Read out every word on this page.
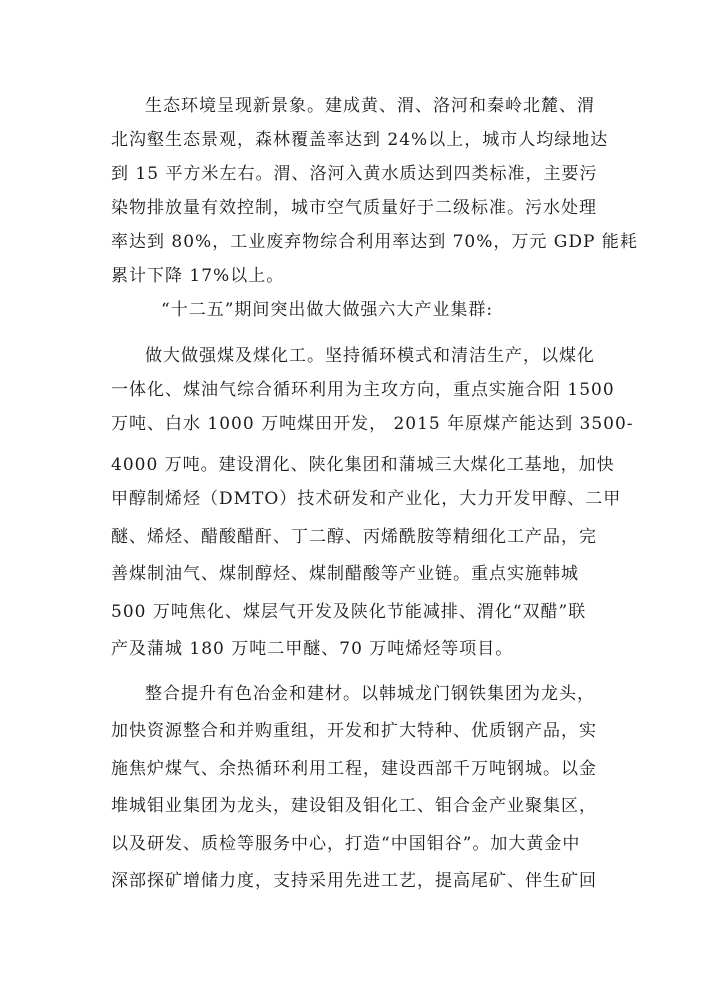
生态环境呈现新景象。建成黄、渭、洛河和秦岭北麓、渭
北沟壑生态景观，森林覆盖率达到 24%以上，城市人均绿地达
到 15 平方米左右。渭、洛河入黄水质达到四类标准，主要污
染物排放量有效控制，城市空气质量好于二级标准。污水处理
率达到 80%，工业废弃物综合利用率达到 70%，万元 GDP 能耗
累计下降 17%以上。
“十二五”期间突出做大做强六大产业集群:
做大做强煤及煤化工。坚持循环模式和清洁生产，以煤化
一体化、煤油气综合循环利用为主攻方向，重点实施合阳 1500
万吨、白水 1000 万吨煤田开发， 2015 年原煤产能达到 3500-
4000 万吨。建设渭化、陕化集团和蒲城三大煤化工基地，加快
甲醇制烯烃（DMTO）技术研发和产业化，大力开发甲醇、二甲
醚、烯烃、醋酸醋酐、丁二醇、丙烯酰胺等精细化工产品，完
善煤制油气、煤制醇烃、煤制醋酸等产业链。重点实施韩城
500 万吨焦化、煤层气开发及陕化节能减排、渭化“双醋”联
产及蒲城 180 万吨二甲醚、70 万吨烯烃等项目。
整合提升有色冶金和建材。以韩城龙门钢铁集团为龙头，
加快资源整合和并购重组，开发和扩大特种、优质钢产品，实
施焦炉煤气、余热循环利用工程，建设西部千万吨钢城。以金
堆城钼业集团为龙头，建设钼及钼化工、钼合金产业聚集区，
以及研发、质检等服务中心，打造“中国钼谷”。加大黄金中
深部探矿增储力度，支持采用先进工艺，提高尾矿、伴生矿回
